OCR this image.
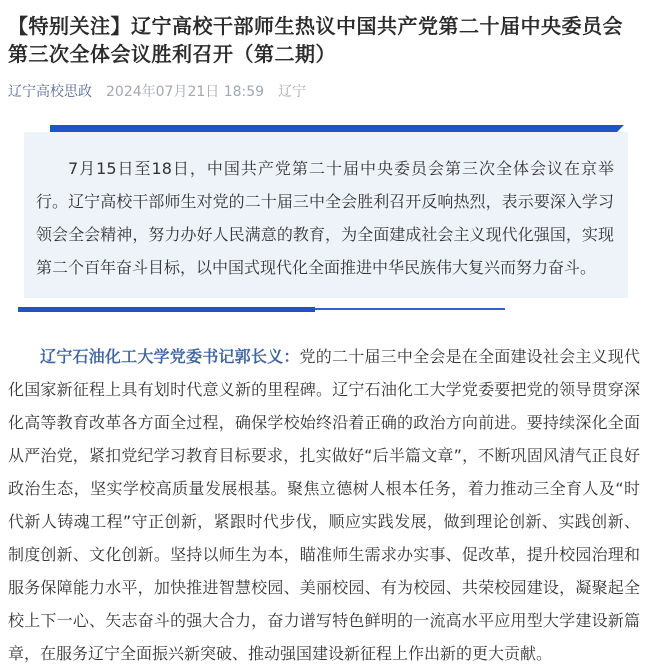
【特别关注】辽宁高校干部师生热议中国共产党第二十届中央委员会第三次全体会议胜利召开（第二期）
辽宁高校思政 2024年07月21日 18:59 辽宁

7月15日至18日，中国共产党第二十届中央委员会第三次全体会议在京举行。辽宁高校干部师生对党的二十届三中全会胜利召开反响热烈，表示要深入学习领会全会精神，努力办好人民满意的教育，为全面建成社会主义现代化强国，实现第二个百年奋斗目标，以中国式现代化全面推进中华民族伟大复兴而努力奋斗。

辽宁石油化工大学党委书记郭长义：党的二十届三中全会是在全面建设社会主义现代化国家新征程上具有划时代意义新的里程碑。辽宁石油化工大学党委要把党的领导贯穿深化高等教育改革各方面全过程，确保学校始终沿着正确的政治方向前进。要持续深化全面从严治党，紧扣党纪学习教育目标要求，扎实做好“后半篇文章”，不断巩固风清气正良好政治生态，坚实学校高质量发展根基。聚焦立德树人根本任务，着力推动三全育人及“时代新人铸魂工程”守正创新，紧跟时代步伐，顺应实践发展，做到理论创新、实践创新、制度创新、文化创新。坚持以师生为本，瞄准师生需求办实事、促改革，提升校园治理和服务保障能力水平，加快推进智慧校园、美丽校园、有为校园、共荣校园建设，凝聚起全校上下一心、矢志奋斗的强大合力，奋力谱写特色鲜明的一流高水平应用型大学建设新篇章，在服务辽宁全面振兴新突破、推动强国建设新征程上作出新的更大贡献。
